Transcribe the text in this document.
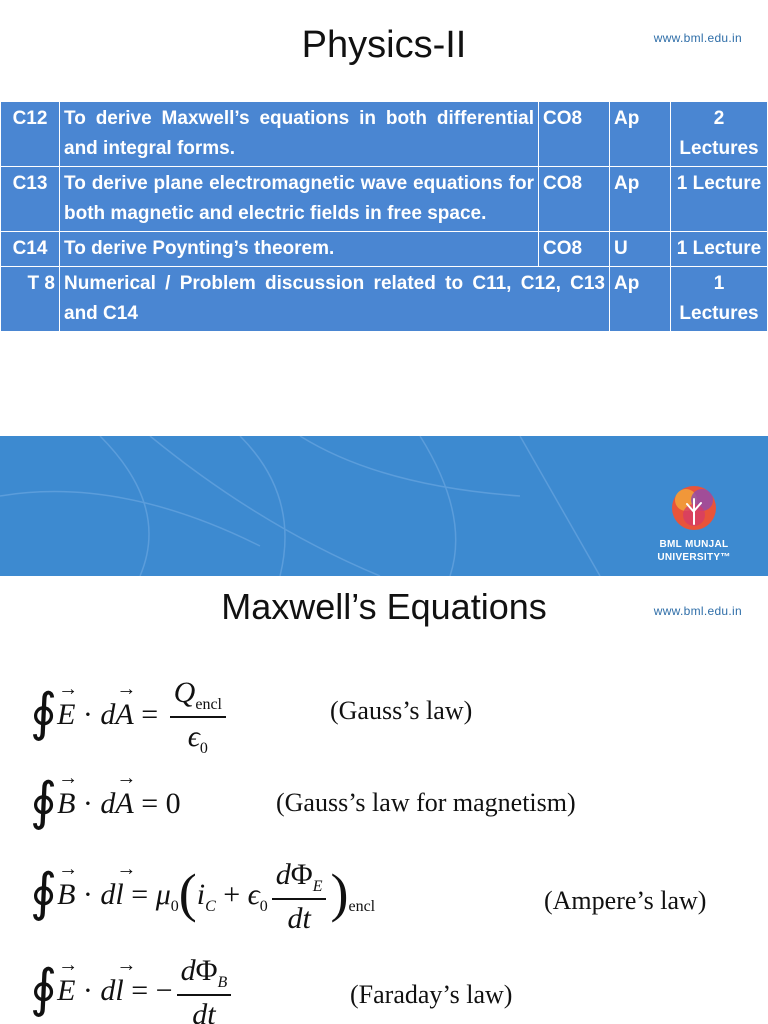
Physics-II	www.bml.edu.in
C12	To derive Maxwell’s equations in both differential and integral forms.	CO8	Ap	2 Lectures
C13	To derive plane electromagnetic wave equations for both magnetic and electric fields in free space.	CO8	Ap	1 Lecture
C14	To derive Poynting’s theorem.	CO8	U	1 Lecture
T 8	Numerical / Problem discussion related to C11, C12, C13 and C14		Ap	1 Lectures
BML MUNJAL
UNIVERSITY™
Maxwell’s Equations	www.bml.edu.in
∮→ $E \cdot d\to A = \frac{Q_{encl}}{\epsilon_0}$	(Gauss’s law)
∮→ B · d→ A = 0	(Gauss’s law for magnetism)
∮→ $B \cdot d\to l = \mu_0(i_C + \epsilon_0 \frac{d\Phi_E}{dt} )_{encl}$	(Ampere’s law)
∮→ E · d→ l = − $\frac{d\Phi_B}{dt}$	(Faraday’s law)
